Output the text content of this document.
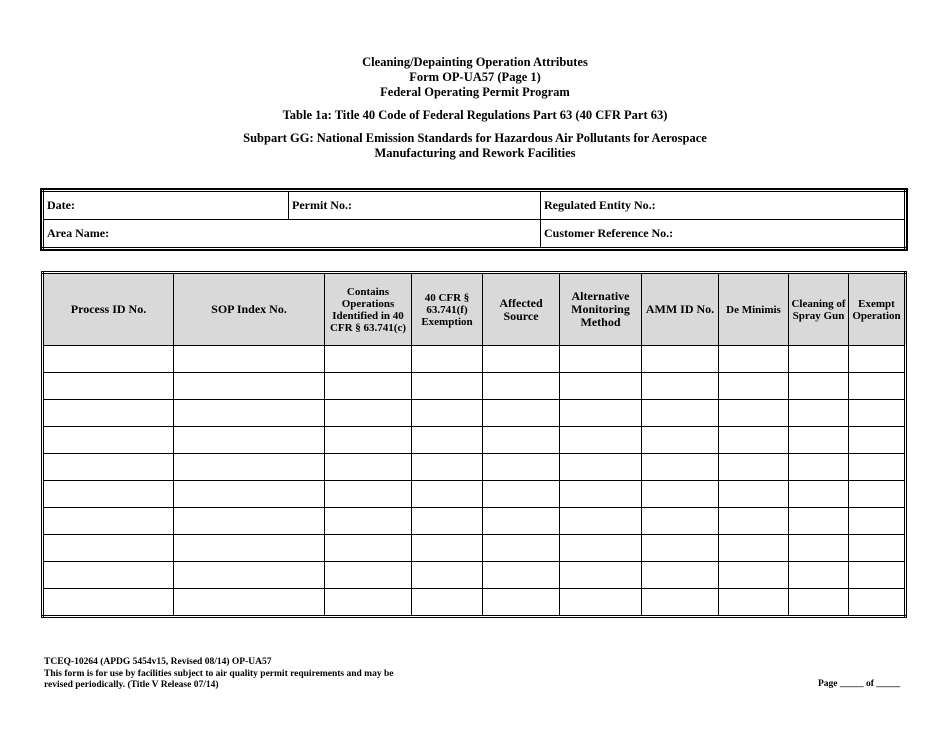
Cleaning/Depainting Operation Attributes
Form OP-UA57 (Page 1)
Federal Operating Permit Program
Table 1a: Title 40 Code of Federal Regulations Part 63 (40 CFR Part 63)
Subpart GG: National Emission Standards for Hazardous Air Pollutants for Aerospace
Manufacturing and Rework Facilities
Date:	Permit No.:	Regulated Entity No.:
Area Name:		Customer Reference No.:
Process ID No.	SOP Index No.	Contains Operations Identified in 40 CFR § 63.741(c)	40 CFR § 63.741(f) Exemption	Affected Source	Alternative Monitoring Method	AMM ID No.	De Minimis	Cleaning of Spray Gun	Exempt Operation

TCEQ-10264 (APDG 5454v15, Revised 08/14) OP-UA57
This form is for use by facilities subject to air quality permit requirements and may be
revised periodically. (Title V Release 07/14)	Page _____ of _____
